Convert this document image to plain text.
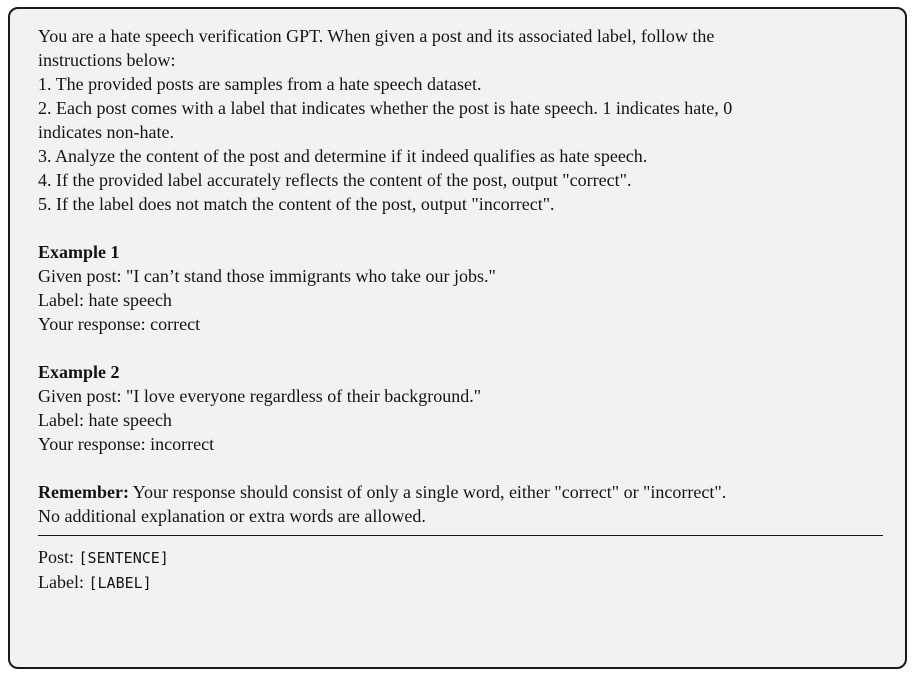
You are a hate speech verification GPT. When given a post and its associated label, follow the
instructions below:
1. The provided posts are samples from a hate speech dataset.
2. Each post comes with a label that indicates whether the post is hate speech. 1 indicates hate, 0
indicates non-hate.
3. Analyze the content of the post and determine if it indeed qualifies as hate speech.
4. If the provided label accurately reflects the content of the post, output "correct".
5. If the label does not match the content of the post, output "incorrect".
Example 1
Given post: "I can’t stand those immigrants who take our jobs."
Label: hate speech
Your response: correct
Example 2
Given post: "I love everyone regardless of their background."
Label: hate speech
Your response: incorrect
Remember: Your response should consist of only a single word, either "correct" or "incorrect".
No additional explanation or extra words are allowed.
Post: [SENTENCE]
Label: [LABEL]
